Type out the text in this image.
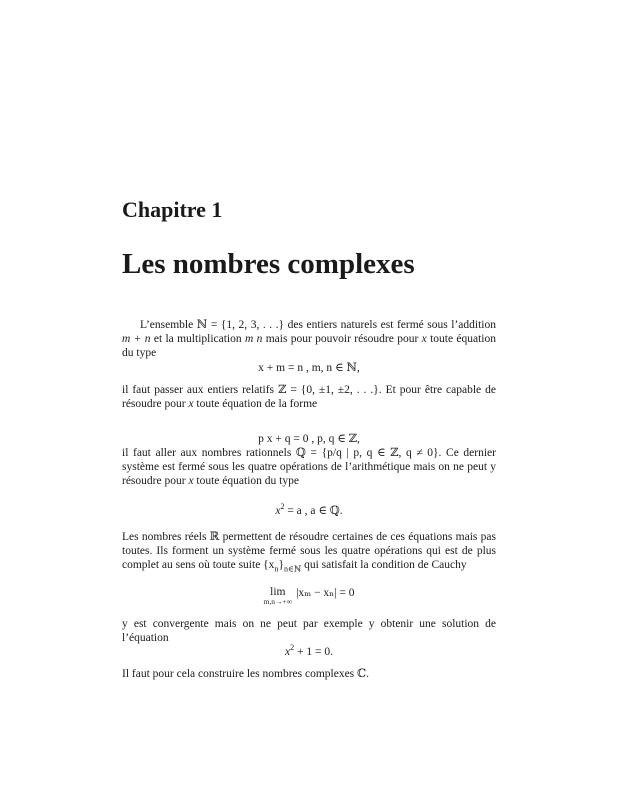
Chapitre 1
Les nombres complexes
L’ensemble ℕ = {1, 2, 3, . . .} des entiers naturels est fermé sous l’addition m + n et la multiplication m n mais pour pouvoir résoudre pour x toute équation du type
x + m = n , m, n ∈ ℕ,
il faut passer aux entiers relatifs ℤ = {0, ±1, ±2, . . .}. Et pour être capable de résoudre pour x toute équation de la forme
p x + q = 0 , p, q ∈ ℤ,
il faut aller aux nombres rationnels ℚ = {p/q | p, q ∈ ℤ, q ≠ 0}. Ce dernier système est fermé sous les quatre opérations de l’arithmétique mais on ne peut y résoudre pour x toute équation du type
$x^2 = a$ , a ∈ ℚ.
Les nombres réels ℝ permettent de résoudre certaines de ces équations mais pas toutes. Ils forment un système fermé sous les quatre opérations qui est de plus complet au sens où toute suite $\{x_n\}_{n\in ℕ}$ qui satisfait la condition de Cauchy
lim
m,n→+∞
|xₘ − xₙ| = 0
y est convergente mais on ne peut par exemple y obtenir une solution de l’équation
$x^2 + 1 = 0$.
Il faut pour cela construire les nombres complexes ℂ.
